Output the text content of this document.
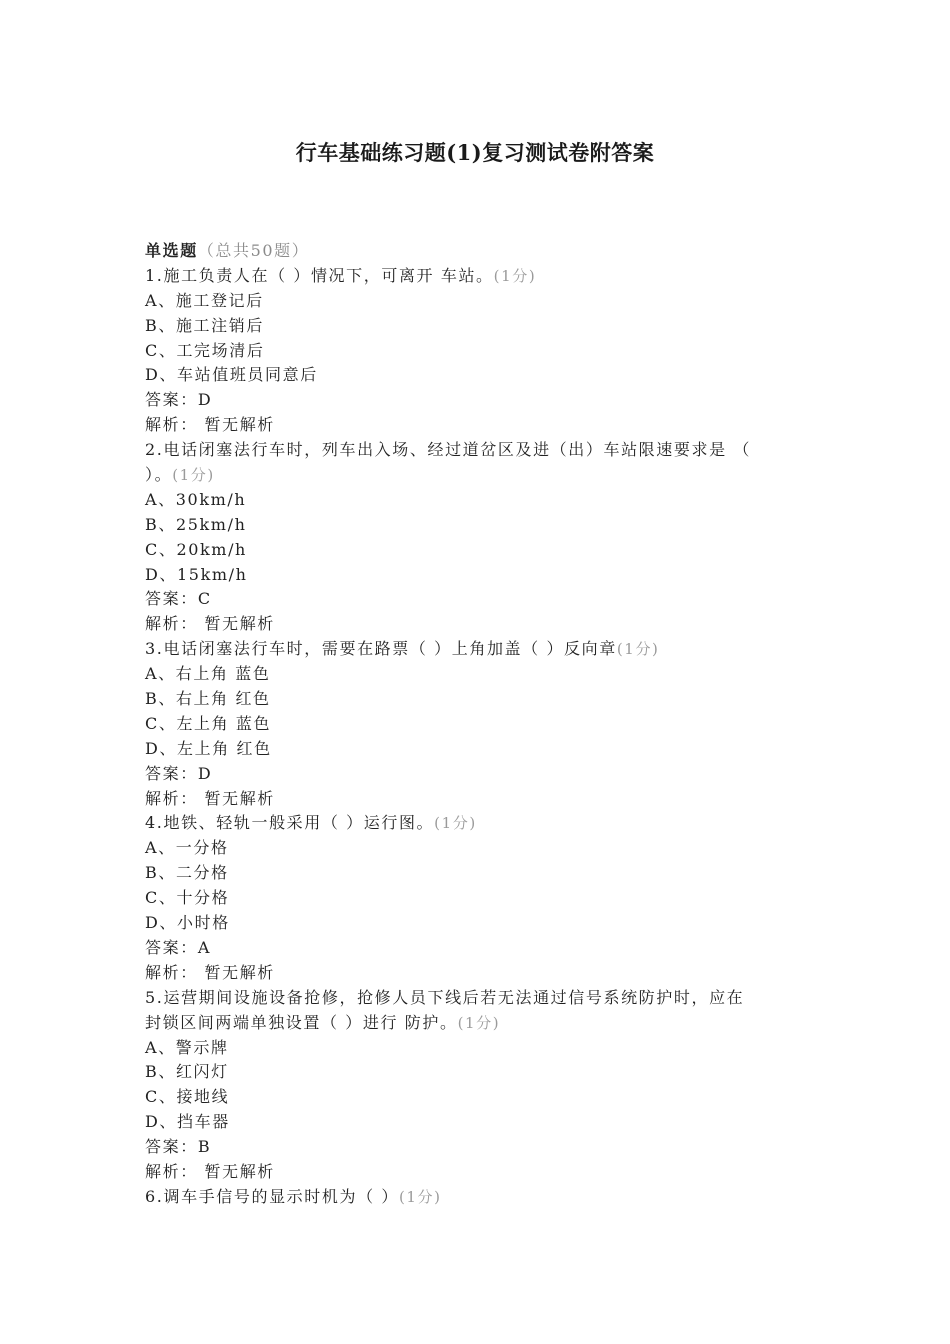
行车基础练习题(1)复习测试卷附答案
单选题（总共50题）
1.施工负责人在（ ）情况下，可离开 车站。(1分)
A、施工登记后
B、施工注销后
C、工完场清后
D、车站值班员同意后
答案：D
解析： 暂无解析
2.电话闭塞法行车时，列车出入场、经过道岔区及进（出）车站限速要求是 （
）。(1分)
A、30km/h
B、25km/h
C、20km/h
D、15km/h
答案：C
解析： 暂无解析
3.电话闭塞法行车时，需要在路票（ ）上角加盖（ ）反向章(1分)
A、右上角 蓝色
B、右上角 红色
C、左上角 蓝色
D、左上角 红色
答案：D
解析： 暂无解析
4.地铁、轻轨一般采用（ ）运行图。(1分)
A、一分格
B、二分格
C、十分格
D、小时格
答案：A
解析： 暂无解析
5.运营期间设施设备抢修，抢修人员下线后若无法通过信号系统防护时，应在
封锁区间两端单独设置（ ）进行 防护。(1分)
A、警示牌
B、红闪灯
C、接地线
D、挡车器
答案：B
解析： 暂无解析
6.调车手信号的显示时机为（ ）(1分)
